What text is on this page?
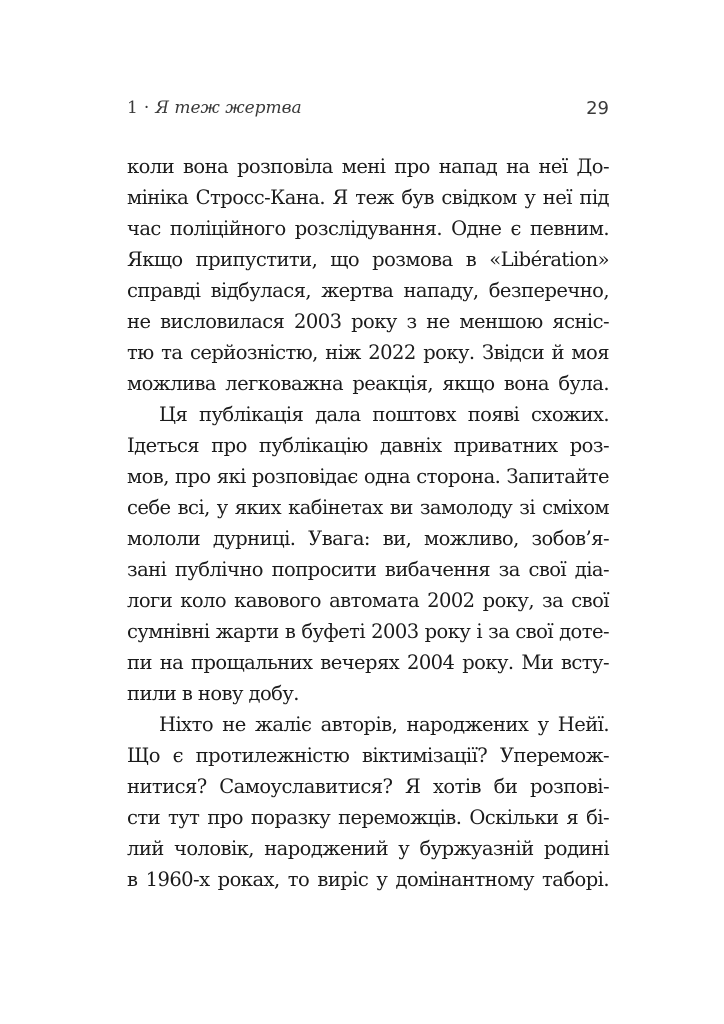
1 · Я теж жертва	29
коли вона розповіла мені про напад на неї До-
мініка Стросс-Кана. Я теж був свідком у неї під
час поліційного розслідування. Одне є певним.
Якщо припустити, що розмова в «Libération»
справді відбулася, жертва нападу, безперечно,
не висловилася 2003 року з не меншою яснiс-
тю та серйозністю, ніж 2022 року. Звідси й моя
можлива легковажна реакція, якщо вона була.
Ця публікація дала поштовх появі схожих.
Ідеться про публікацію давніх приватних роз-
мов, про які розповідає одна сторона. Запитайте
себе всі, у яких кабінетах ви замолоду зі сміхом
мололи дурниці. Увага: ви, можливо, зобов’я-
зані публічно попросити вибачення за свої діа-
логи коло кавового автомата 2002 року, за свої
сумнівні жарти в буфеті 2003 року і за свої доте-
пи на прощальних вечерях 2004 року. Ми всту-
пили в нову добу.
Ніхто не жаліє авторів, народжених у Нейї.
Що є протилежністю віктимізації? Уперемож-
нитися? Самоуславитися? Я хотів би розпові-
сти тут про поразку переможців. Оскільки я бі-
лий чоловік, народжений у буржуазній родині
в 1960-х роках, то виріс у домінантному таборі.
